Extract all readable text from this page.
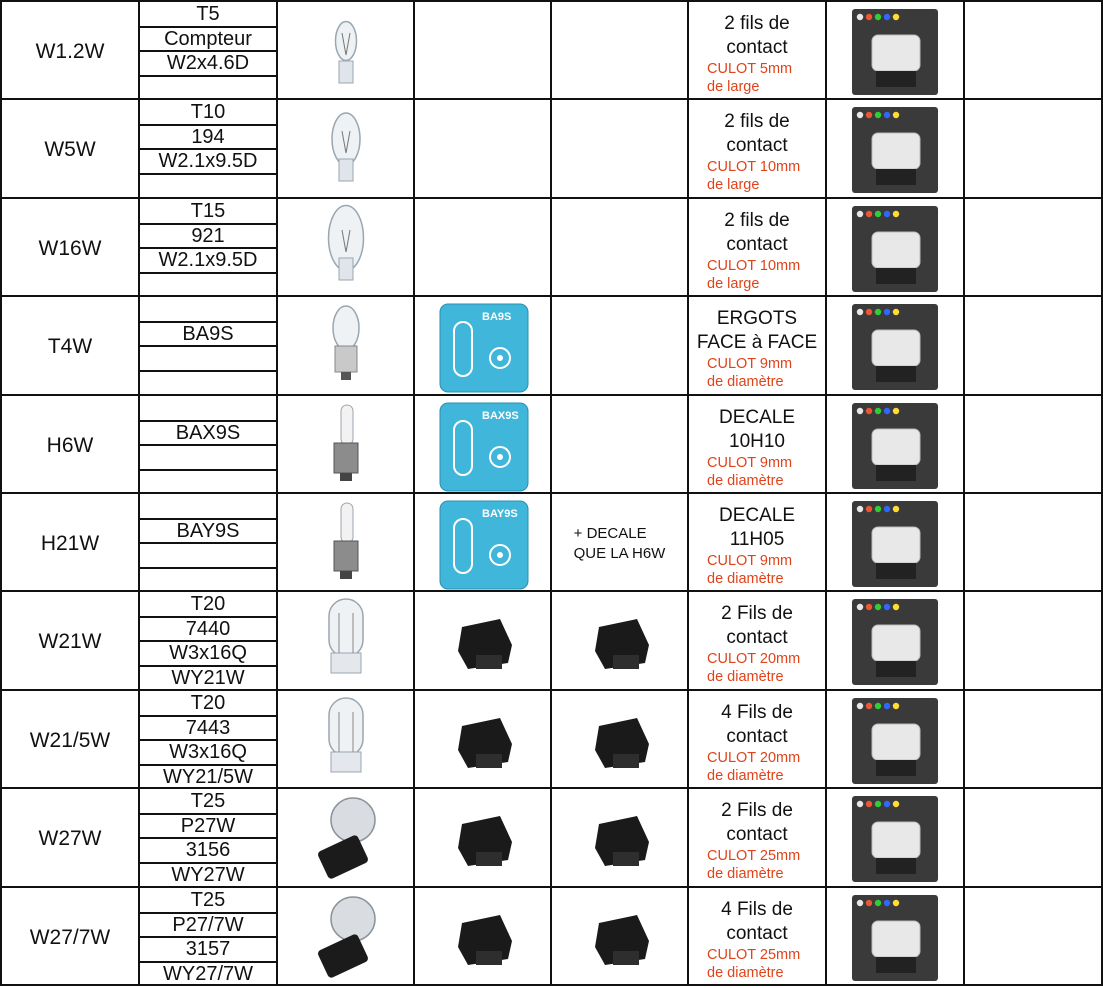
W1.2W
T5
Compteur
W2x4.6D
2 fils de
contact
CULOT 5mm
de large
W5W
T10
194
W2.1x9.5D
2 fils de
contact
CULOT 10mm
de large
W16W
T15
921
W2.1x9.5D
2 fils de
contact
CULOT 10mm
de large
T4W
BA9S
BA9S	ERGOTS
FACE à FACE
CULOT 9mm
de diamètre
H6W
BAX9S
BAX9S	DECALE
10H10
CULOT 9mm
de diamètre
H21W
BAY9S
BAY9S
+ DECALE
QUE LA H6W
DECALE
11H05
CULOT 9mm
de diamètre
W21W
T20
7440
W3x16Q
WY21W
2 Fils de
contact
CULOT 20mm
de diamètre
W21/5W
T20
7443
W3x16Q
WY21/5W
4 Fils de
contact
CULOT 20mm
de diamètre
W27W
T25
P27W
3156
WY27W
2 Fils de
contact
CULOT 25mm
de diamètre
W27/7W
T25
P27/7W
3157
WY27/7W
4 Fils de
contact
CULOT 25mm
de diamètre
